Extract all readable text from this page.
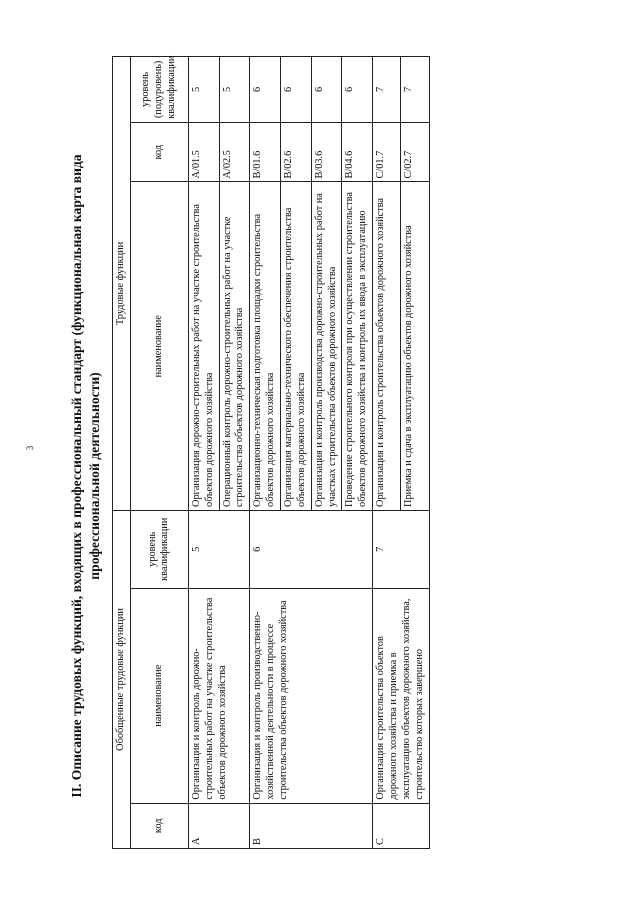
3	II. Описание трудовых функций, входящих в профессиональный стандарт (функциональная карта вида профессиональной деятельности)
Обобщенные трудовые функции			Трудовые функции		
код	наименование	уровень квалификации	наименование	код	уровень (подуровень) квалификации
A	Организация и контроль дорожно-строительных работ на участке строительства объектов дорожного хозяйства	5	Организация дорожно-строительных работ на участке строительства объектов дорожного хозяйства	A/01.5	5
			Операционный контроль дорожно-строительных работ на участке строительства объектов дорожного хозяйства	A/02.5	5
B	Организация и контроль производственно-хозяйственной деятельности в процессе строительства объектов дорожного хозяйства	6	Организационно-техническая подготовка площадки строительства объектов дорожного хозяйства	B/01.6	6
			Организация материально-технического обеспечения строительства объектов дорожного хозяйства	B/02.6	6
			Организация и контроль производства дорожно-строительных работ на участках строительства объектов дорожного хозяйства	B/03.6	6
			Проведение строительного контроля при осуществлении строительства объектов дорожного хозяйства и контроль их ввода в эксплуатацию	B/04.6	6
C	Организация строительства объектов дорожного хозяйства и приемка в эксплуатацию объектов дорожного хозяйства, строительство которых завершено	7	Организация и контроль строительства объектов дорожного хозяйства	C/01.7	7
			Приемка и сдача в эксплуатацию объектов дорожного хозяйства	C/02.7	7
